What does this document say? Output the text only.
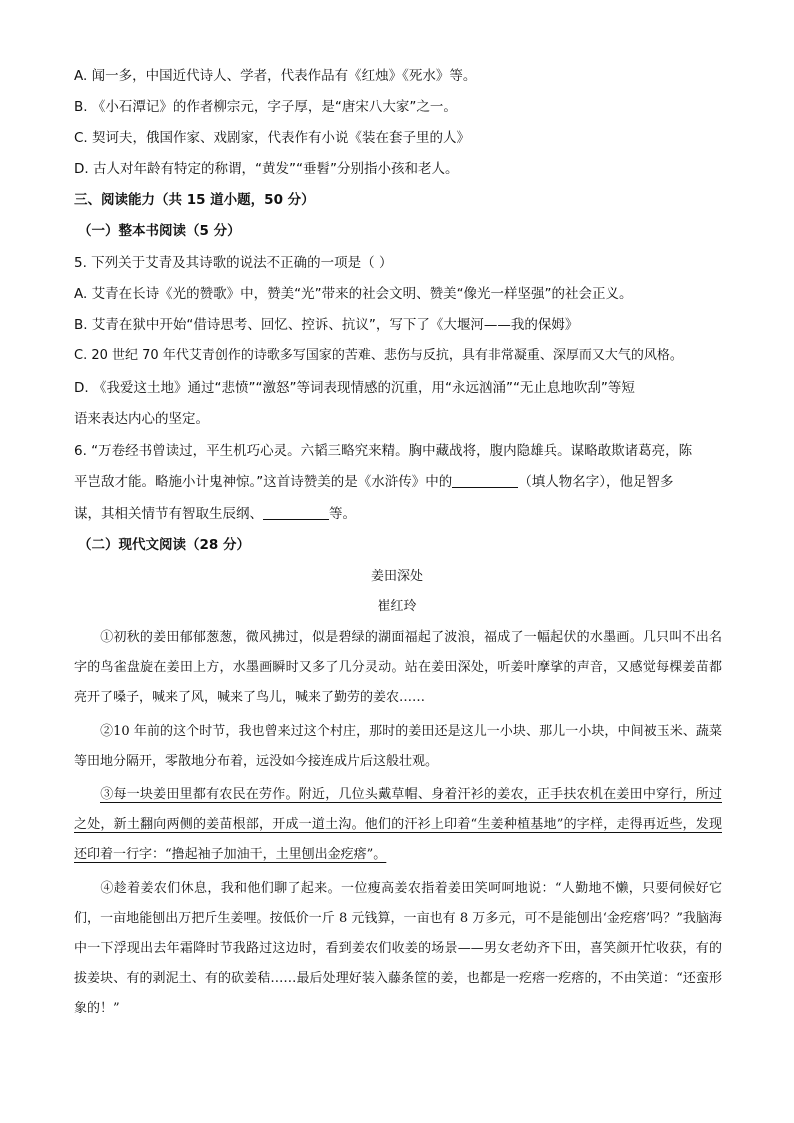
A. 闻一多，中国近代诗人、学者，代表作品有《红烛》《死水》等。
B. 《小石潭记》的作者柳宗元，字子厚，是“唐宋八大家”之一。
C. 契诃夫，俄国作家、戏剧家，代表作有小说《装在套子里的人》
D. 古人对年龄有特定的称谓，“黄发”“垂髫”分别指小孩和老人。
三、阅读能力（共 15 道小题，50 分）
（一）整本书阅读（5 分）
5. 下列关于艾青及其诗歌的说法不正确的一项是（ ）
A. 艾青在长诗《光的赞歌》中，赞美“光”带来的社会文明、赞美“像光一样坚强”的社会正义。
B. 艾青在狱中开始“借诗思考、回忆、控诉、抗议”，写下了《大堰河——我的保姆》
C. 20 世纪 70 年代艾青创作的诗歌多写国家的苦难、悲伤与反抗，具有非常凝重、深厚而又大气的风格。
D. 《我爱这土地》通过“悲愤”“激怒”等词表现情感的沉重，用“永远汹涌”“无止息地吹刮”等短
语来表达内心的坚定。
6. “万卷经书曾读过，平生机巧心灵。六韬三略究来精。胸中藏战将，腹内隐雄兵。谋略敢欺诸葛亮，陈
平岂敌才能。略施小计鬼神惊。”这首诗赞美的是《水浒传》中的	（填人物名字），他足智多
谋，其相关情节有智取生辰纲、	等。
（二）现代文阅读（28 分）
姜田深处
崔红玲
①初秋的姜田郁郁葱葱，微风拂过，似是碧绿的湖面福起了波浪，福成了一幅起伏的水墨画。几只叫不出名字的鸟雀盘旋在姜田上方，水墨画瞬时又多了几分灵动。站在姜田深处，听姜叶摩挲的声音，又感觉每棵姜苗都亮开了嗓子，喊来了风，喊来了鸟儿，喊来了勤劳的姜农……
②10 年前的这个时节，我也曾来过这个村庄，那时的姜田还是这儿一小块、那儿一小块，中间被玉米、蔬菜等田地分隔开，零散地分布着，远没如今接连成片后这般壮观。
③每一块姜田里都有农民在劳作。附近，几位头戴草帽、身着汗衫的姜农，正手扶农机在姜田中穿行，所过之处，新土翻向两侧的姜苗根部，开成一道土沟。他们的汗衫上印着“生姜种植基地”的字样，走得再近些，发现还印着一行字：“撸起袖子加油干，土里刨出金疙瘩”。
④趁着姜农们休息，我和他们聊了起来。一位瘦高姜农指着姜田笑呵呵地说：“人勤地不懒，只要伺候好它们，一亩地能刨出万把斤生姜哩。按低价一斤 8 元钱算，一亩也有 8 万多元，可不是能刨出‘金疙瘩’吗？”我脑海中一下浮现出去年霜降时节我路过这边时，看到姜农们收姜的场景——男女老幼齐下田，喜笑颜开忙收获，有的拔姜块、有的剥泥土、有的砍姜秸……最后处理好装入藤条筐的姜，也都是一疙瘩一疙瘩的，不由笑道：“还蛮形象的！”
